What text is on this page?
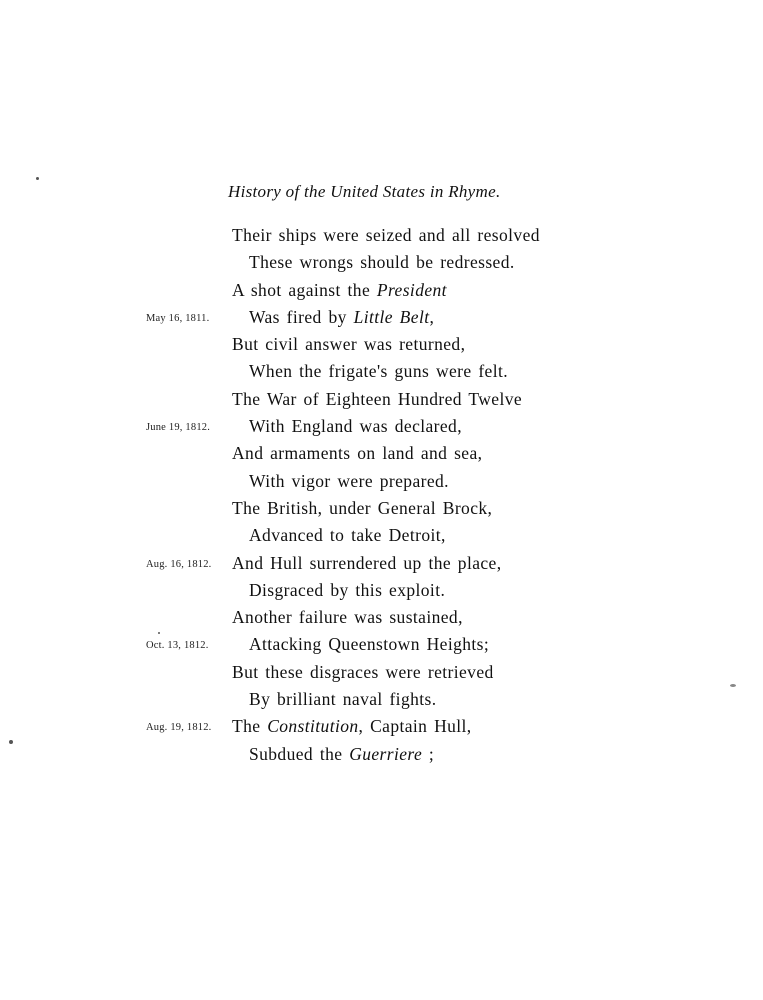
History of the United States in Rhyme.
Their ships were seized and all resolved
These wrongs should be redressed.
A shot against the President
May 16, 1811. Was fired by Little Belt,
But civil answer was returned,
When the frigate's guns were felt.
The War of Eighteen Hundred Twelve
June 19, 1812. With England was declared,
And armaments on land and sea,
With vigor were prepared.
The British, under General Brock,
Advanced to take Detroit,
Aug. 16, 1812. And Hull surrendered up the place,
Disgraced by this exploit.
Another failure was sustained,
Oct. 13, 1812. Attacking Queenstown Heights;
But these disgraces were retrieved
By brilliant naval fights.
Aug. 19, 1812. The Constitution, Captain Hull,
Subdued the Guerriere ;
